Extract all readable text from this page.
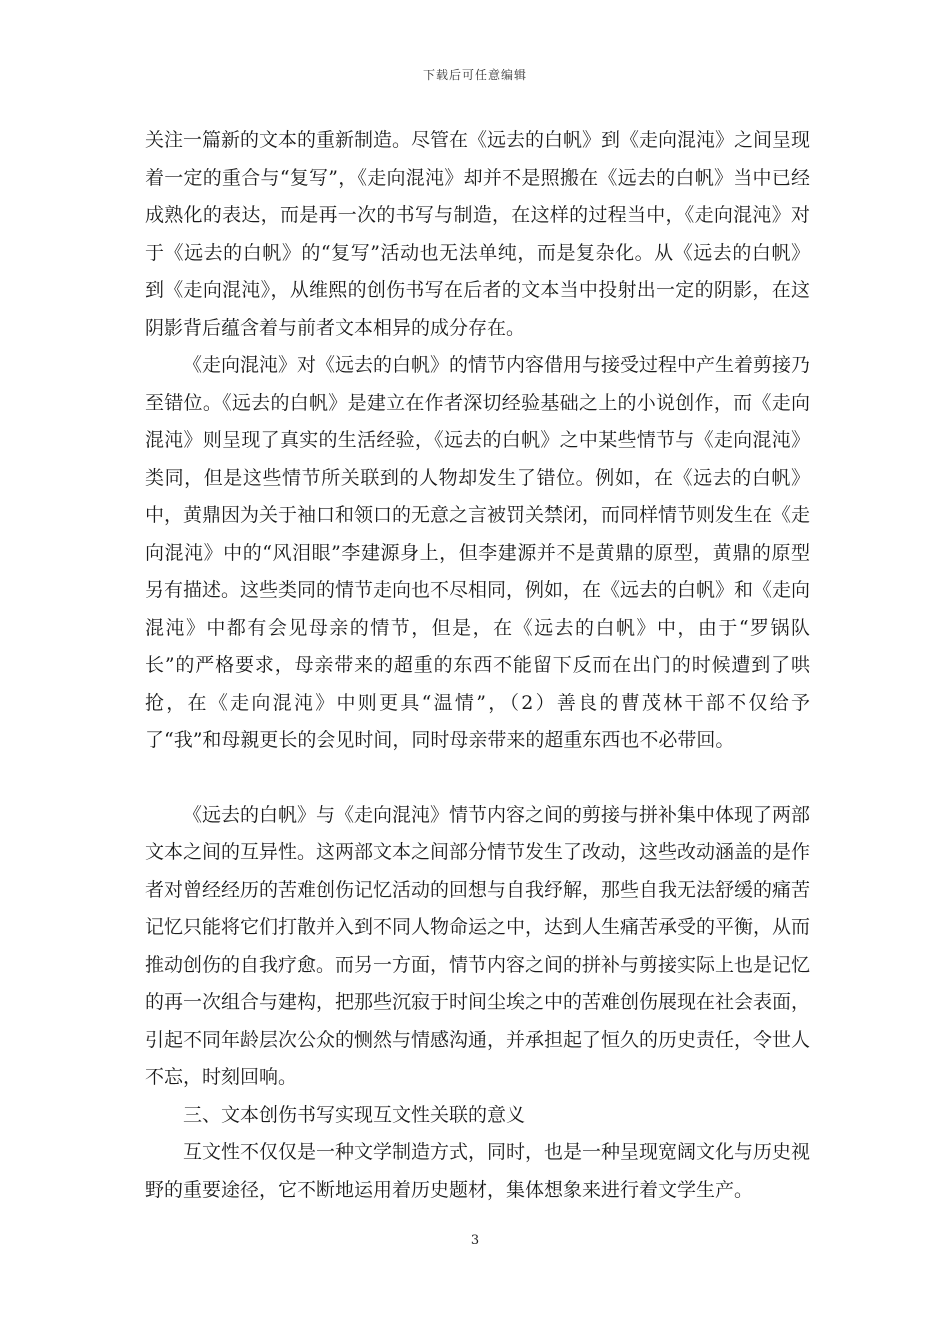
下载后可任意编辑

关注一篇新的文本的重新制造。尽管在《远去的白帆》到《走向混沌》之间呈现着一定的重合与“复写”，《走向混沌》却并不是照搬在《远去的白帆》当中已经成熟化的表达，而是再一次的书写与制造，在这样的过程当中，《走向混沌》对于《远去的白帆》的“复写”活动也无法单纯，而是复杂化。从《远去的白帆》到《走向混沌》，从维熙的创伤书写在后者的文本当中投射出一定的阴影，在这阴影背后蕴含着与前者文本相异的成分存在。

《走向混沌》对《远去的白帆》的情节内容借用与接受过程中产生着剪接乃至错位。《远去的白帆》是建立在作者深切经验基础之上的小说创作，而《走向混沌》则呈现了真实的生活经验，《远去的白帆》之中某些情节与《走向混沌》类同，但是这些情节所关联到的人物却发生了错位。例如，在《远去的白帆》中，黄鼎因为关于袖口和领口的无意之言被罚关禁闭，而同样情节则发生在《走向混沌》中的“风泪眼”李建源身上，但李建源并不是黄鼎的原型，黄鼎的原型另有描述。这些类同的情节走向也不尽相同，例如，在《远去的白帆》和《走向混沌》中都有会见母亲的情节，但是，在《远去的白帆》中，由于“罗锅队长”的严格要求，母亲带来的超重的东西不能留下反而在出门的时候遭到了哄抢，在《走向混沌》中则更具“温情”，（2）善良的曹茂林干部不仅给予了“我”和母親更长的会见时间，同时母亲带来的超重东西也不必带回。

《远去的白帆》与《走向混沌》情节内容之间的剪接与拼补集中体现了两部文本之间的互异性。这两部文本之间部分情节发生了改动，这些改动涵盖的是作者对曾经经历的苦难创伤记忆活动的回想与自我纾解，那些自我无法舒缓的痛苦记忆只能将它们打散并入到不同人物命运之中，达到人生痛苦承受的平衡，从而推动创伤的自我疗愈。而另一方面，情节内容之间的拼补与剪接实际上也是记忆的再一次组合与建构，把那些沉寂于时间尘埃之中的苦难创伤展现在社会表面，引起不同年龄层次公众的恻然与情感沟通，并承担起了恒久的历史责任，令世人不忘，时刻回响。

三、文本创伤书写实现互文性关联的意义

互文性不仅仅是一种文学制造方式，同时，也是一种呈现宽阔文化与历史视野的重要途径，它不断地运用着历史题材，集体想象来进行着文学生产。

3
